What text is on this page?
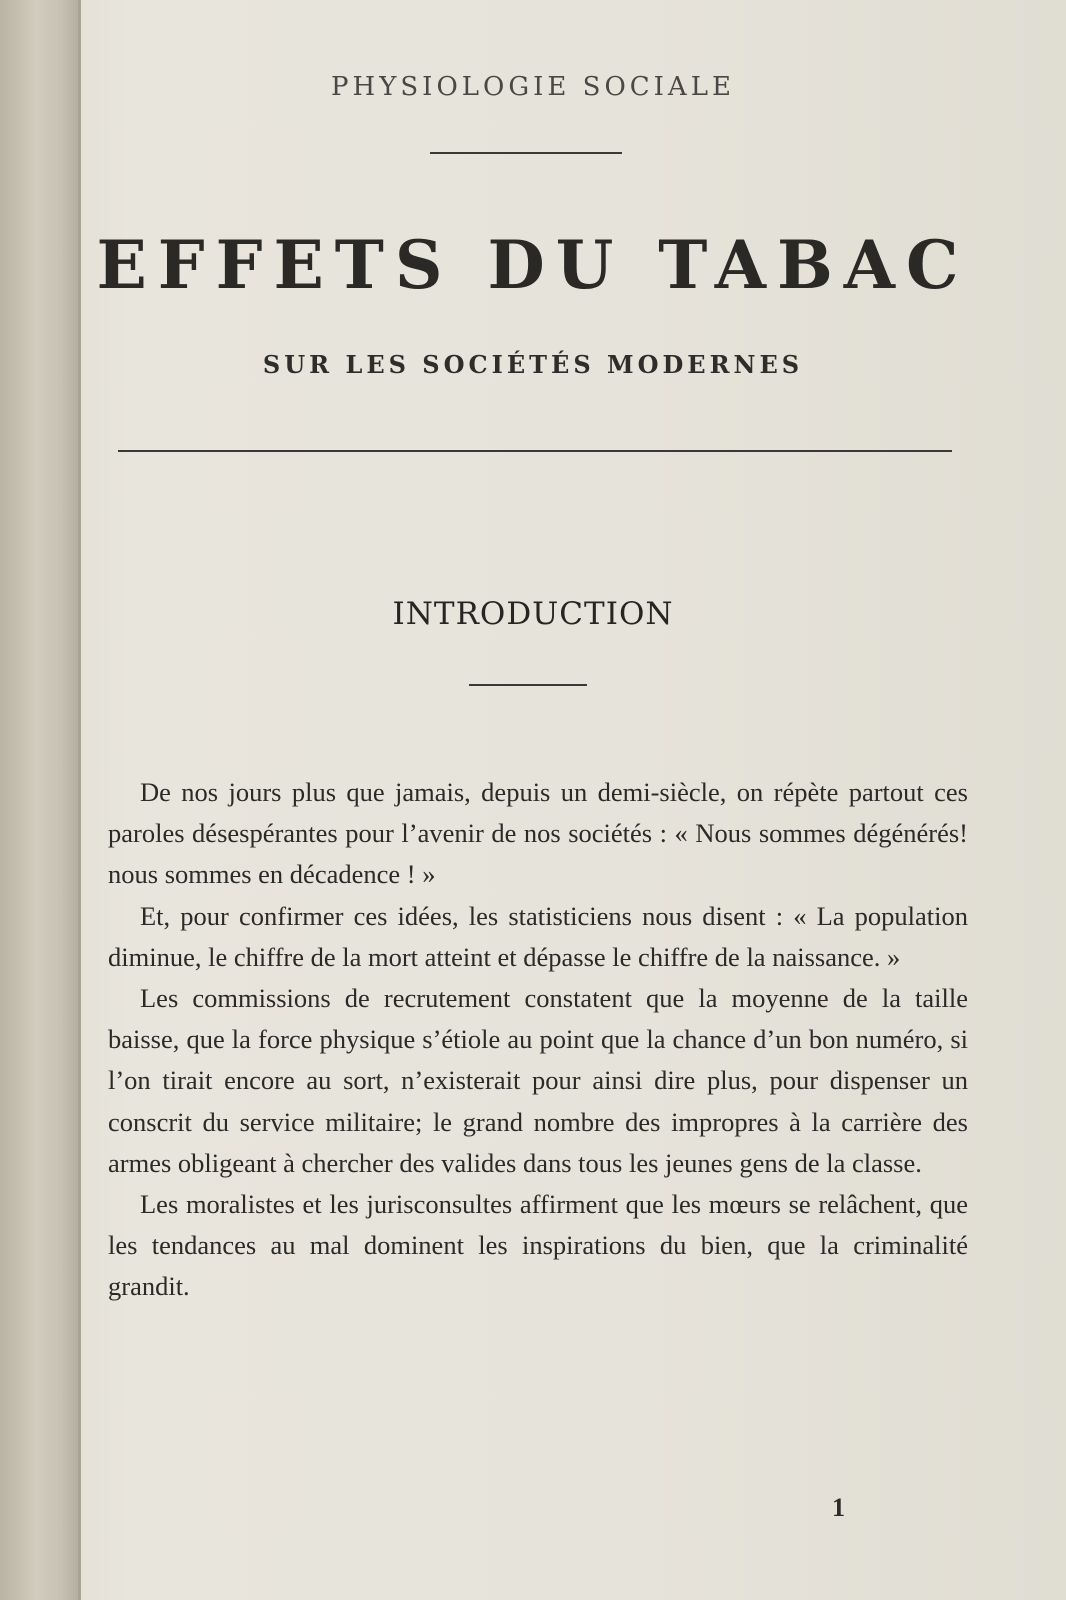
PHYSIOLOGIE SOCIALE
EFFETS DU TABAC
SUR LES SOCIÉTÉS MODERNES
INTRODUCTION

De nos jours plus que jamais, depuis un demi-siècle, on répète partout ces paroles désespérantes pour l’avenir de nos sociétés : « Nous sommes dégénérés! nous sommes en décadence ! »

Et, pour confirmer ces idées, les statisticiens nous disent : « La population diminue, le chiffre de la mort atteint et dépasse le chiffre de la naissance. »

Les commissions de recrutement constatent que la moyenne de la taille baisse, que la force physique s’étiole au point que la chance d’un bon numéro, si l’on tirait encore au sort, n’existerait pour ainsi dire plus, pour dispenser un conscrit du service militaire; le grand nombre des impropres à la carrière des armes obligeant à chercher des valides dans tous les jeunes gens de la classe.

Les moralistes et les jurisconsultes affirment que les mœurs se relâchent, que les tendances au mal dominent les inspirations du bien, que la criminalité grandit.

1
